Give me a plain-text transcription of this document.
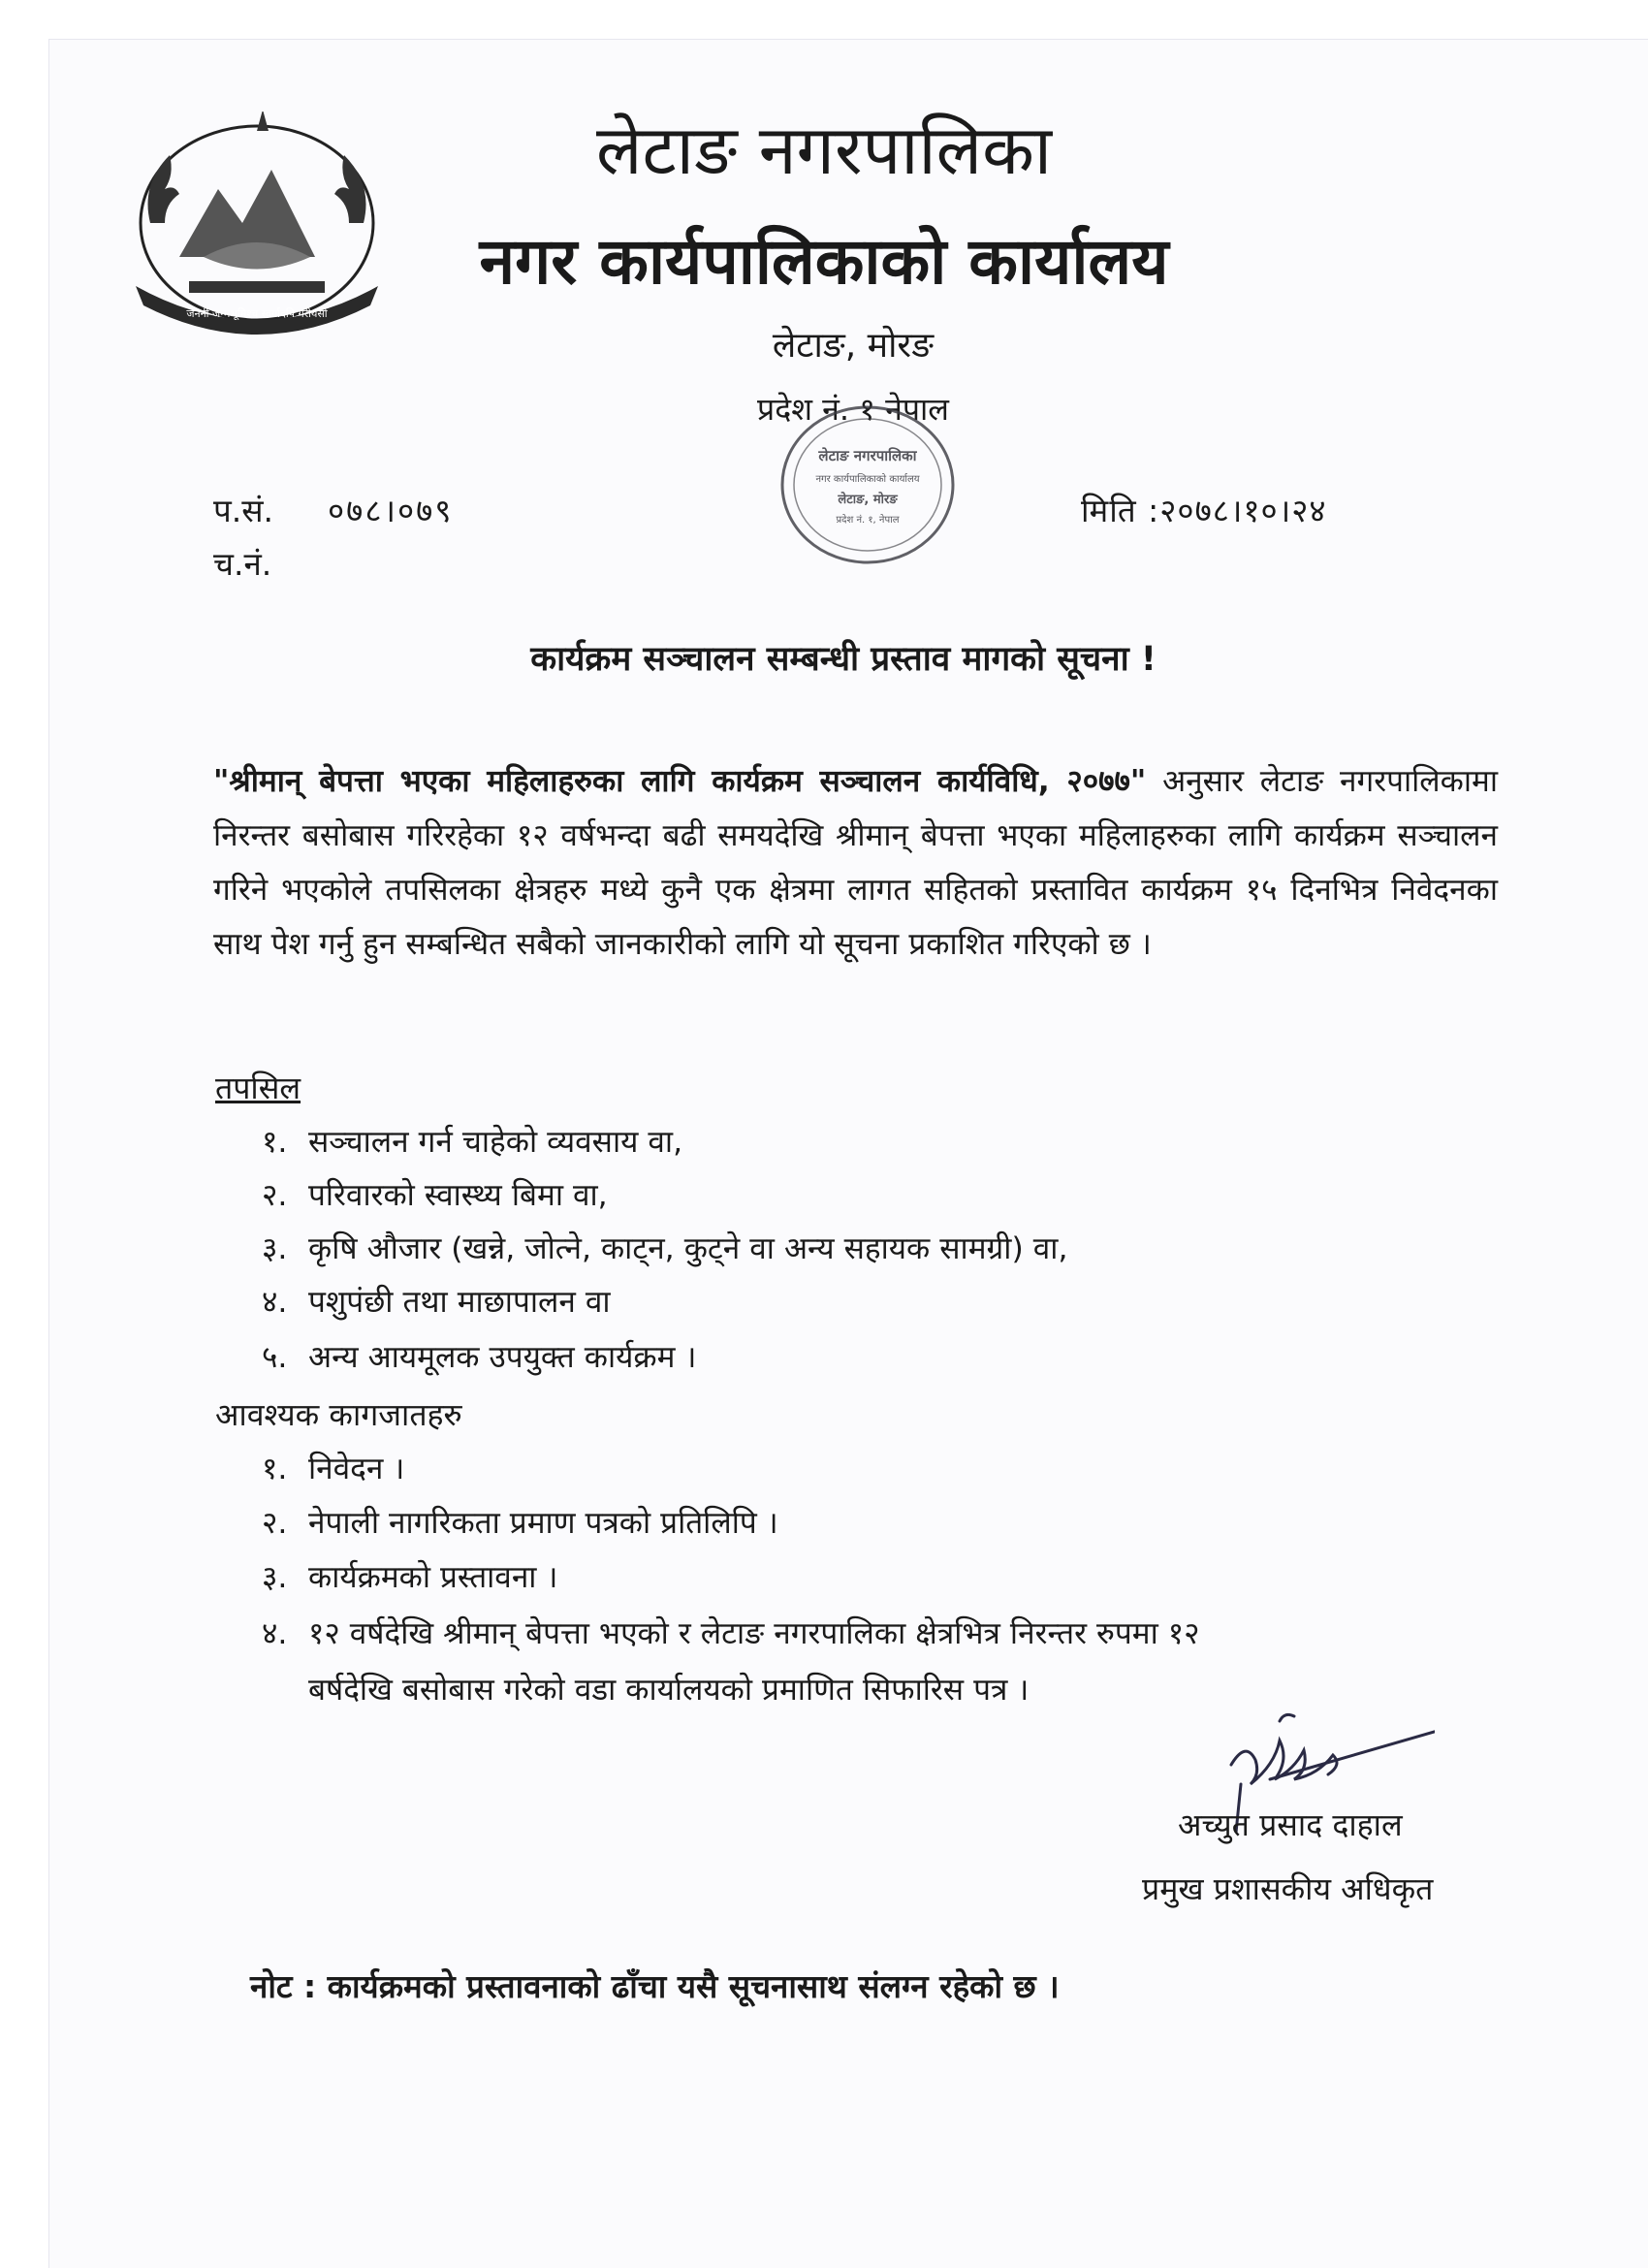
जननी जन्मभूमिश्च स्वर्गादपि गरीयसी
लेटाङ नगरपालिका
नगर कार्यपालिकाको कार्यालय
लेटाङ, मोरङ
प्रदेश नं. १ नेपाल
लेटाङ नगरपालिका
नगर कार्यपालिकाको कार्यालय
लेटाङ, मोरङ
प्रदेश नं. १, नेपाल
प.सं. ०७८।०७९
च.नं.
मिति :२०७८।१०।२४
कार्यक्रम सञ्चालन सम्बन्धी प्रस्ताव मागको सूचना !
"श्रीमान् बेपत्ता भएका महिलाहरुका लागि कार्यक्रम सञ्चालन कार्यविधि, २०७७" अनुसार लेटाङ नगरपालिकामा निरन्तर बसोबास गरिरहेका १२ वर्षभन्दा बढी समयदेखि श्रीमान् बेपत्ता भएका महिलाहरुका लागि कार्यक्रम सञ्चालन गरिने भएकोले तपसिलका क्षेत्रहरु मध्ये कुनै एक क्षेत्रमा लागत सहितको प्रस्तावित कार्यक्रम १५ दिनभित्र निवेदनका साथ पेश गर्नु हुन सम्बन्धित सबैको जानकारीको लागि यो सूचना प्रकाशित गरिएको छ ।
तपसिल
१. सञ्चालन गर्न चाहेको व्यवसाय वा,
२. परिवारको स्वास्थ्य बिमा वा,
३. कृषि औजार (खन्ने, जोत्ने, काट्न, कुट्ने वा अन्य सहायक सामग्री) वा,
४. पशुपंछी तथा माछापालन वा
५. अन्य आयमूलक उपयुक्त कार्यक्रम ।
आवश्यक कागजातहरु
१. निवेदन ।
२. नेपाली नागरिकता प्रमाण पत्रको प्रतिलिपि ।
३. कार्यक्रमको प्रस्तावना ।
४. १२ वर्षदेखि श्रीमान् बेपत्ता भएको र लेटाङ नगरपालिका क्षेत्रभित्र निरन्तर रुपमा १२
बर्षदेखि बसोबास गरेको वडा कार्यालयको प्रमाणित सिफारिस पत्र ।
अच्युत प्रसाद दाहाल
प्रमुख प्रशासकीय अधिकृत
नोट : कार्यक्रमको प्रस्तावनाको ढाँचा यसै सूचनासाथ संलग्न रहेको छ ।
